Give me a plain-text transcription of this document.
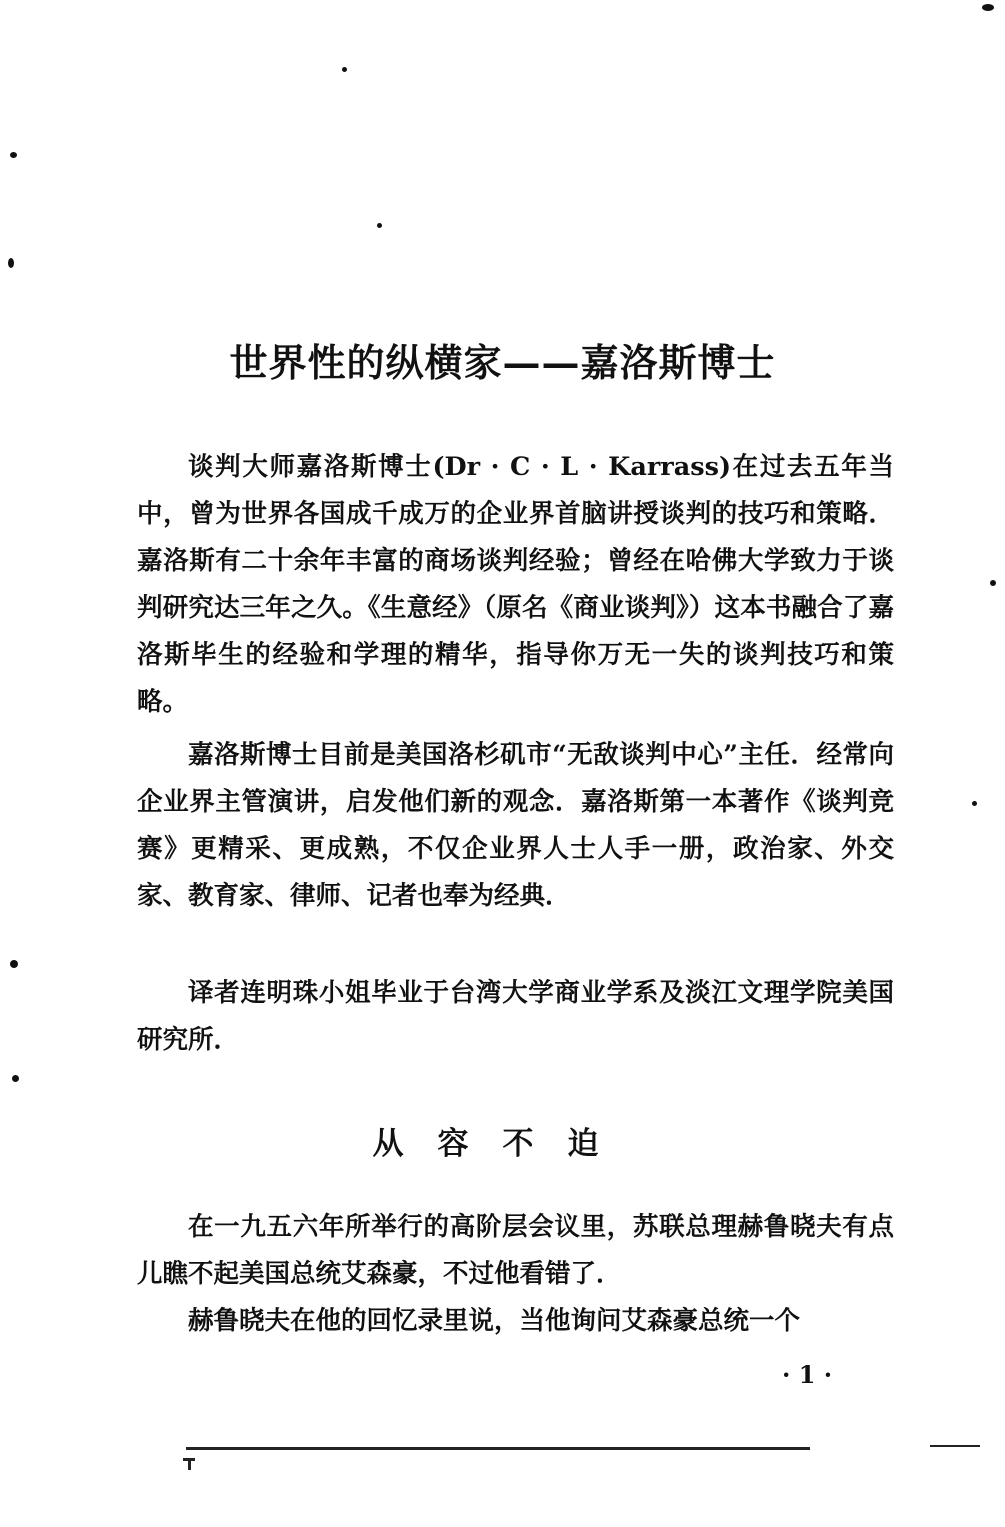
世界性的纵横家——嘉洛斯博士

谈判大师嘉洛斯博士(Dr · C · L · Karrass)在过去五年当中，曾为世界各国成千成万的企业界首脑讲授谈判的技巧和策略．嘉洛斯有二十余年丰富的商场谈判经验；曾经在哈佛大学致力于谈判研究达三年之久。《生意经》（原名《商业谈判》）这本书融合了嘉洛斯毕生的经验和学理的精华，指导你万无一失的谈判技巧和策略。

嘉洛斯博士目前是美国洛杉矶市“无敌谈判中心”主任．经常向企业界主管演讲，启发他们新的观念．嘉洛斯第一本著作《谈判竞赛》更精采、更成熟，不仅企业界人士人手一册，政治家、外交家、教育家、律师、记者也奉为经典．

译者连明珠小姐毕业于台湾大学商业学系及淡江文理学院美国研究所．

从容不迫

在一九五六年所举行的高阶层会议里，苏联总理赫鲁晓夫有点儿瞧不起美国总统艾森豪，不过他看错了．

赫鲁晓夫在他的回忆录里说，当他询问艾森豪总统一个

· 1 ·
